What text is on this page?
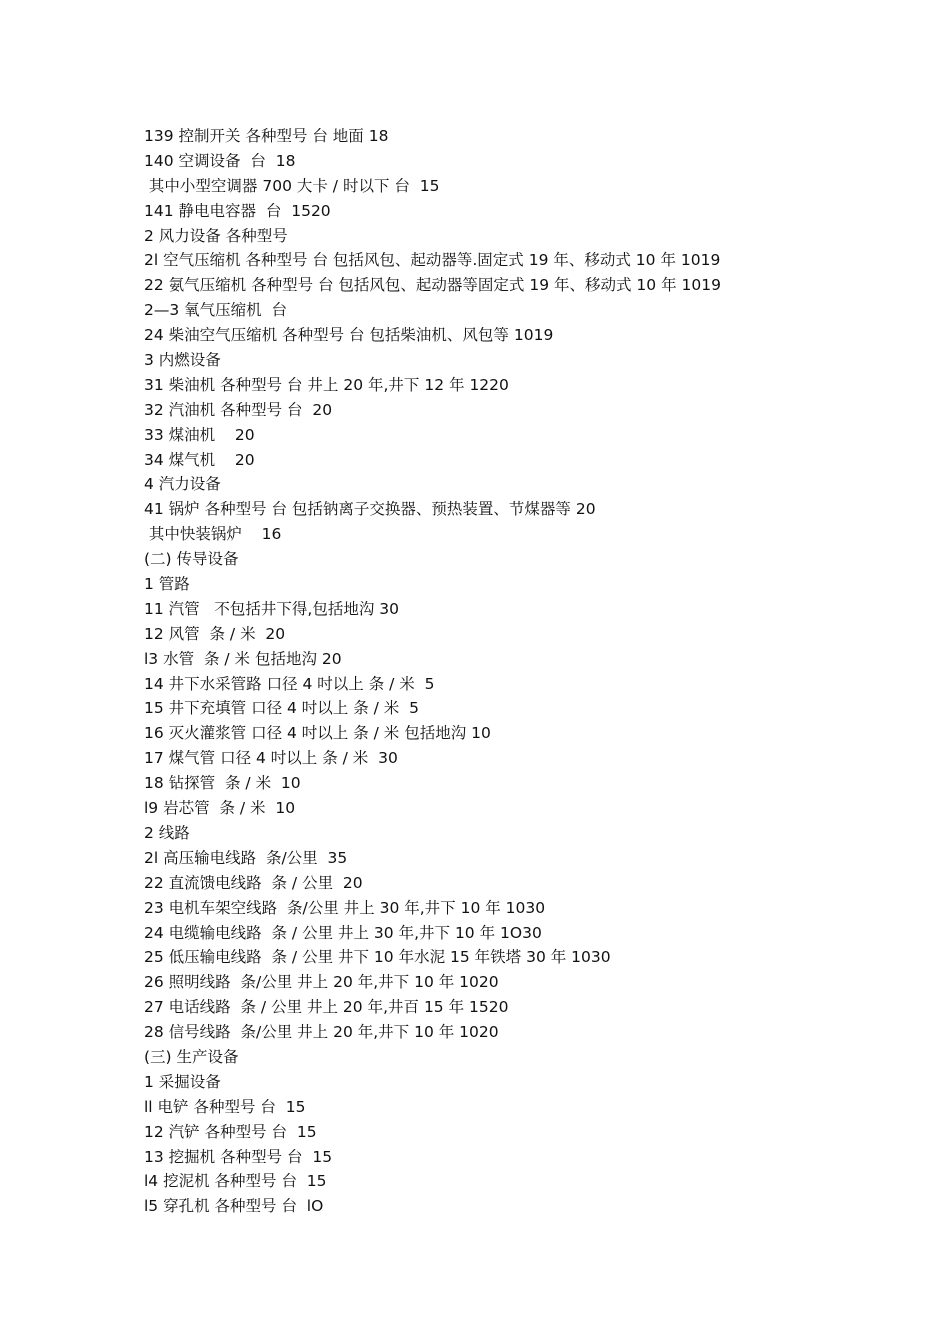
139 控制开关 各种型号 台 地面 18
140 空调设备  台  18
其中小型空调器 700 大卡 / 时以下 台  15
141 静电电容器  台  1520
2 风力设备 各种型号
2l 空气压缩机 各种型号 台 包括风包、起动器等.固定式 19 年、移动式 10 年 1019
22 氨气压缩机 各种型号 台 包括风包、起动器等固定式 19 年、移动式 10 年 1019
2—3 氧气压缩机  台
24 柴油空气压缩机 各种型号 台 包括柴油机、风包等 1019
3 内燃设备
31 柴油机 各种型号 台 井上 20 年,井下 12 年 1220
32 汽油机 各种型号 台  20
33 煤油机    20
34 煤气机    20
4 汽力设备
41 锅炉 各种型号 台 包括钠离子交换器、预热装置、节煤器等 20
其中快装锅炉    16
(二) 传导设备
1 管路
11 汽管   不包括井下得,包括地沟 30
12 风管  条 / 米  20
l3 水管  条 / 米 包括地沟 20
14 井下水采管路 口径 4 吋以上 条 / 米  5
15 井下充填管 口径 4 吋以上 条 / 米  5
16 灭火灌浆管 口径 4 吋以上 条 / 米 包括地沟 10
17 煤气管 口径 4 吋以上 条 / 米  30
18 钻探管  条 / 米  10
l9 岩芯管  条 / 米  10
2 线路
2l 高压输电线路  条/公里  35
22 直流馈电线路  条 / 公里  20
23 电机车架空线路  条/公里 井上 30 年,井下 10 年 1030
24 电缆输电线路  条 / 公里 井上 30 年,井下 10 年 1O30
25 低压输电线路  条 / 公里 井下 10 年水泥 15 年铁塔 30 年 1030
26 照明线路  条/公里 井上 20 年,井下 10 年 1020
27 电话线路  条 / 公里 井上 20 年,井百 15 年 1520
28 信号线路  条/公里 井上 20 年,井下 10 年 1020
(三) 生产设备
1 采掘设备
ll 电铲 各种型号 台  15
12 汽铲 各种型号 台  15
13 挖掘机 各种型号 台  15
l4 挖泥机 各种型号 台  15
l5 穿孔机 各种型号 台  lO
